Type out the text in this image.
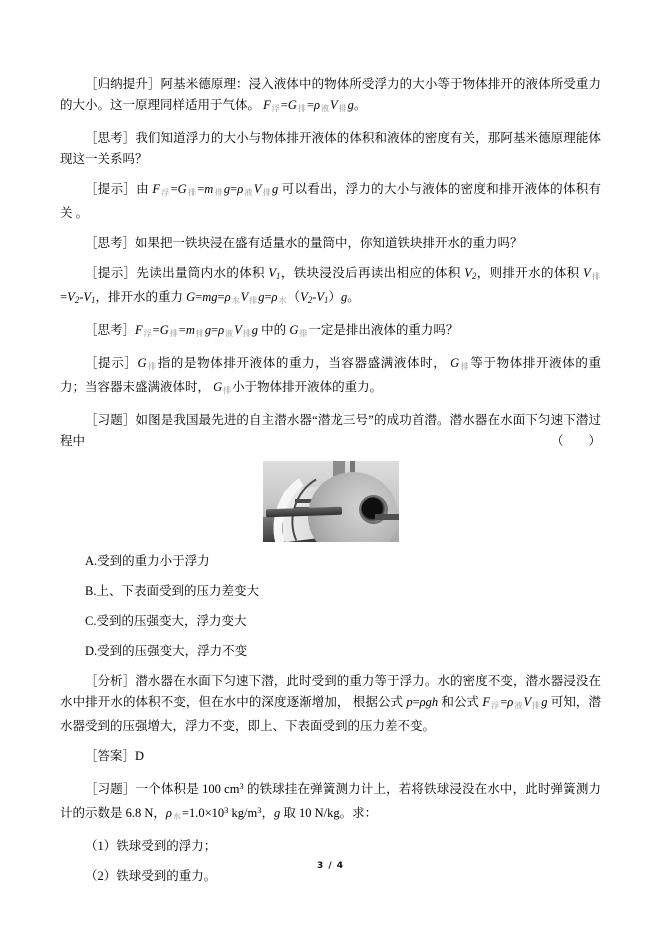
［归纳提升］阿基米德原理：浸入液体中的物体所受浮力的大小等于物体排开的液体所受重力的大小。这一原理同样适用于气体。 $F_浮=G_排=\rho_液V_排g$。

［思考］我们知道浮力的大小与物体排开液体的体积和液体的密度有关，那阿基米德原理能体现这一关系吗？

［提示］由 $F_浮=G_排=m_排g=\rho_液V_排g$ 可以看出，浮力的大小与液体的密度和排开液体的体积有关 。

［思考］如果把一铁块浸在盛有适量水的量筒中，你知道铁块排开水的重力吗？

［提示］先读出量筒内水的体积 $V_1$，铁块浸没后再读出相应的体积 $V_2$，则排开水的体积 $V_排=V_2-V_1$，排开水的重力 $G=mg=\rho_水V_排g=\rho_水(V_2-V_1)g$。

［思考$]F_浮=G_排=m_排g=\rho_液V_排g$ 中的 $G_排$一定是排出液体的重力吗？

［提示$]G_排$指的是物体排开液体的重力，当容器盛满液体时， $G_排$等于物体排开液体的重力；当容器未盛满液体时， $G_排$小于物体排开液体的重力。

［习题］如图是我国最先进的自主潜水器“潜龙三号”的成功首潜。潜水器在水面下匀速下潜过程中	（　　）

A.受到的重力小于浮力

B.上、下表面受到的压力差变大

C.受到的压强变大，浮力变大

D.受到的压强变大，浮力不变

［分析］潜水器在水面下匀速下潜，此时受到的重力等于浮力。水的密度不变，潜水器浸没在水中排开水的体积不变，但在水中的深度逐渐增加， 根据公式 p=ρgh 和公式 $F_浮=\rho_液V_排g$ 可知，潜水器受到的压强增大，浮力不变，即上、下表面受到的压力差不变。

［答案］D

［习题］一个体积是 100 $cm^3$ 的铁球挂在弹簧测力计上，若将铁球浸没在水中，此时弹簧测力计的示数是 6.8 N，$\rho_水=1.0\times 10^3$ $kg/m^3$，g 取 10 N/kg。求：

（1）铁球受到的浮力；

（2）铁球受到的重力。

3 / 4
